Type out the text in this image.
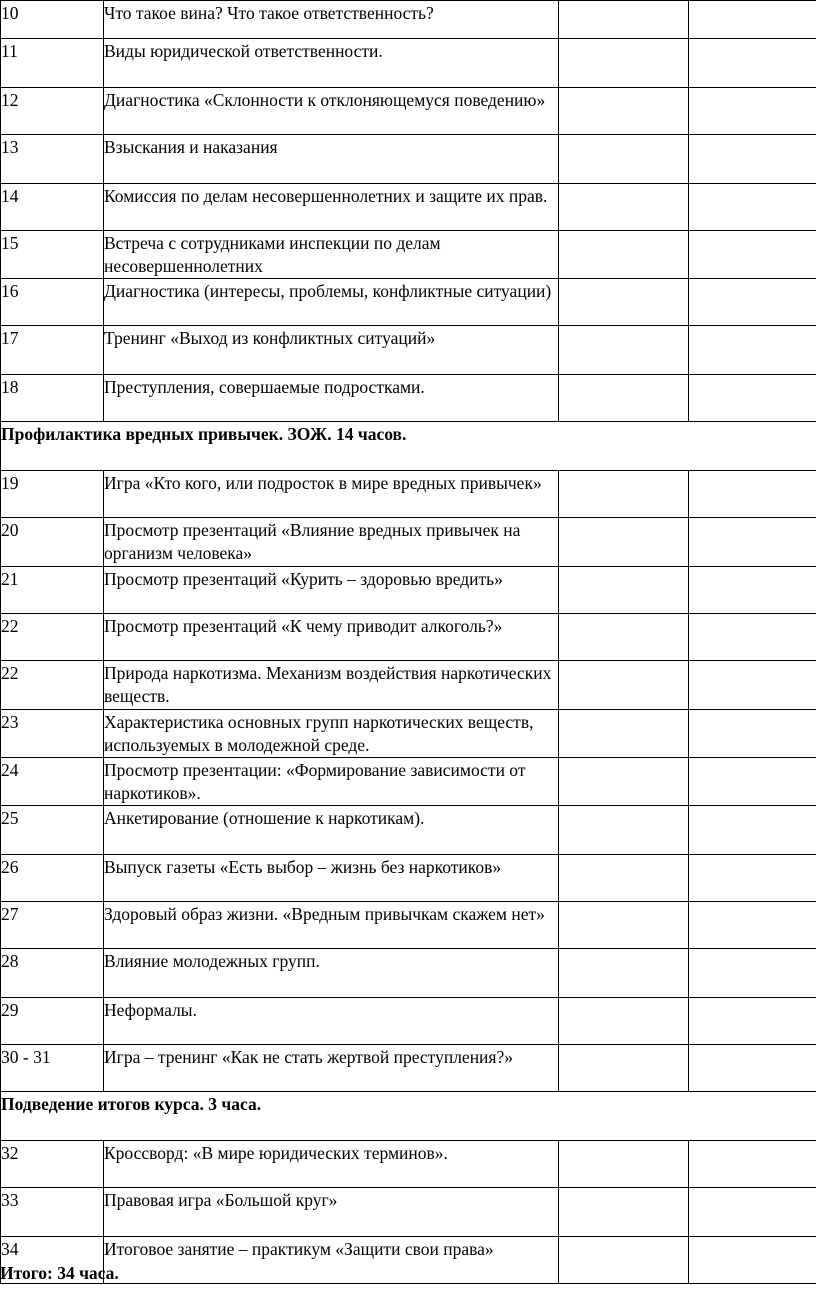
10	Что такое вина? Что такое ответственность?		
11	Виды юридической ответственности.		
12	Диагностика «Склонности к отклоняющемуся поведению»		
13	Взыскания и наказания		
14	Комиссия по делам несовершеннолетних и защите их прав.		
15	Встреча с сотрудниками инспекции по делам несовершеннолетних		
16	Диагностика (интересы, проблемы, конфликтные ситуации)		
17	Тренинг «Выход из конфликтных ситуаций»		
18	Преступления, совершаемые подростками.		
Профилактика вредных привычек. ЗОЖ. 14 часов.			
19	Игра «Кто кого, или подросток в мире вредных привычек»		
20	Просмотр презентаций «Влияние вредных привычек на организм человека»		
21	Просмотр презентаций «Курить – здоровью вредить»		
22	Просмотр презентаций «К чему приводит алкоголь?»		
22	Природа наркотизма. Механизм воздействия наркотических веществ.		
23	Характеристика основных групп наркотических веществ, используемых в молодежной среде.		
24	Просмотр презентации: «Формирование зависимости от наркотиков».		
25	Анкетирование (отношение к наркотикам).		
26	Выпуск газеты «Есть выбор – жизнь без наркотиков»		
27	Здоровый образ жизни. «Вредным привычкам скажем нет»		
28	Влияние молодежных групп.		
29	Неформалы.		
30 - 31	Игра – тренинг «Как не стать жертвой преступления?»		
Подведение итогов курса. 3 часа.			
32	Кроссворд: «В мире юридических терминов».		
33	Правовая игра «Большой круг»		
34	Итоговое занятие – практикум «Защити свои права»		
Итого: 34 часа.
